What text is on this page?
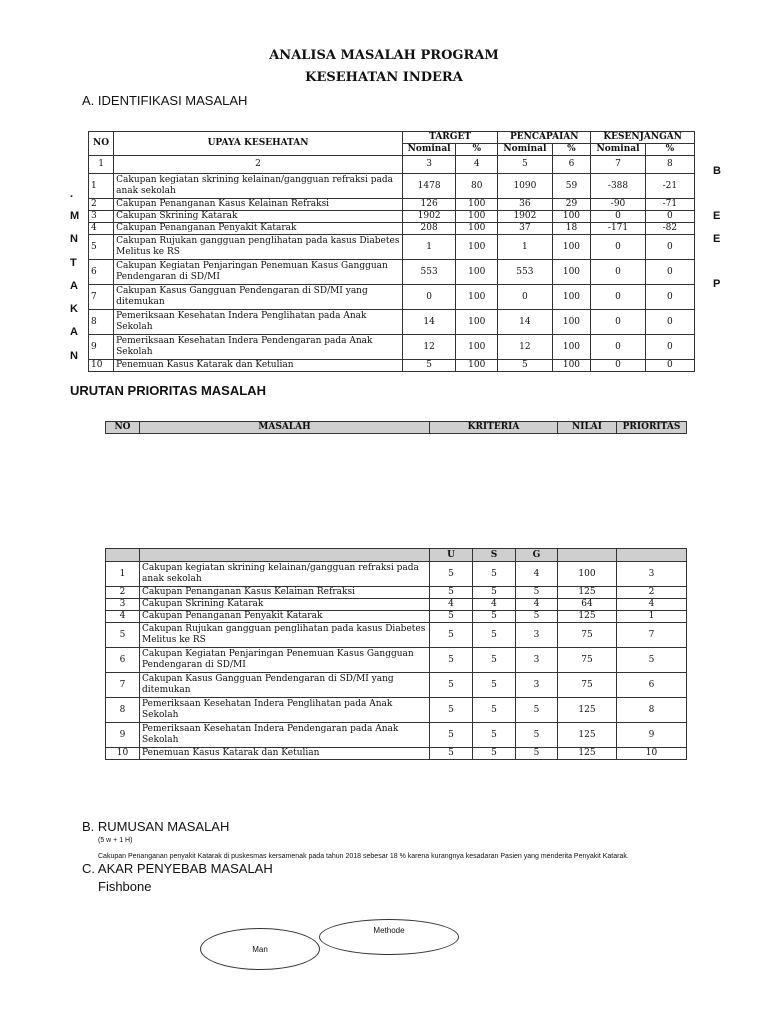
ANALISA MASALAH PROGRAM
KESEHATAN INDERA
A. IDENTIFIKASI MASALAH
NO	UPAYA KESEHATAN	TARGET		PENCAPAIAN		KESENJANGAN	
		Nominal	%	Nominal	%	Nominal	%
1	2	3	4	5	6	7	8
1	Cakupan kegiatan skrining kelainan/gangguan refraksi pada anak sekolah	1478	80	1090	59	-388	-21
2	Cakupan Penanganan Kasus Kelainan Refraksi	126	100	36	29	-90	-71
3	Cakupan Skrining Katarak	1902	100	1902	100	0	0
4	Cakupan Penanganan Penyakit Katarak	208	100	37	18	-171	-82
5	Cakupan Rujukan gangguan penglihatan pada kasus Diabetes Melitus ke RS	1	100	1	100	0	0
6	Cakupan Kegiatan Penjaringan Penemuan Kasus Gangguan Pendengaran di SD/MI	553	100	553	100	0	0
7	Cakupan Kasus Gangguan Pendengaran di SD/MI yang ditemukan	0	100	0	100	0	0
8	Pemeriksaan Kesehatan Indera Penglihatan pada Anak Sekolah	14	100	14	100	0	0
9	Pemeriksaan Kesehatan Indera Pendengaran pada Anak Sekolah	12	100	12	100	0	0
10	Penemuan Kasus Katarak dan Ketulian	5	100	5	100	0	0
.
M
N
T
A
K
A
N
B
E
E
P
URUTAN PRIORITAS MASALAH
NO	MASALAH	KRITERIA	NILAI	PRIORITAS
		U	S	G		
1	Cakupan kegiatan skrining kelainan/gangguan refraksi pada anak sekolah	5	5	4	100	3
2	Cakupan Penanganan Kasus Kelainan Refraksi	5	5	5	125	2
3	Cakupan Skrining Katarak	4	4	4	64	4
4	Cakupan Penanganan Penyakit Katarak	5	5	5	125	1
5	Cakupan Rujukan gangguan penglihatan pada kasus Diabetes Melitus ke RS	5	5	3	75	7
6	Cakupan Kegiatan Penjaringan Penemuan Kasus Gangguan Pendengaran di SD/MI	5	5	3	75	5
7	Cakupan Kasus Gangguan Pendengaran di SD/MI yang ditemukan	5	5	3	75	6
8	Pemeriksaan Kesehatan Indera Penglihatan pada Anak Sekolah	5	5	5	125	8
9	Pemeriksaan Kesehatan Indera Pendengaran pada Anak Sekolah	5	5	5	125	9
10	Penemuan Kasus Katarak dan Ketulian	5	5	5	125	10
B. RUMUSAN MASALAH
(5 w + 1 H)
Cakupan Penanganan penyakit Katarak di puskesmas kersamenak pada tahun 2018 sebesar 18 % karena kurangnya kesadaran Pasien yang menderita Penyakit Katarak.
C. AKAR PENYEBAB MASALAH
Fishbone
Man
Methode
